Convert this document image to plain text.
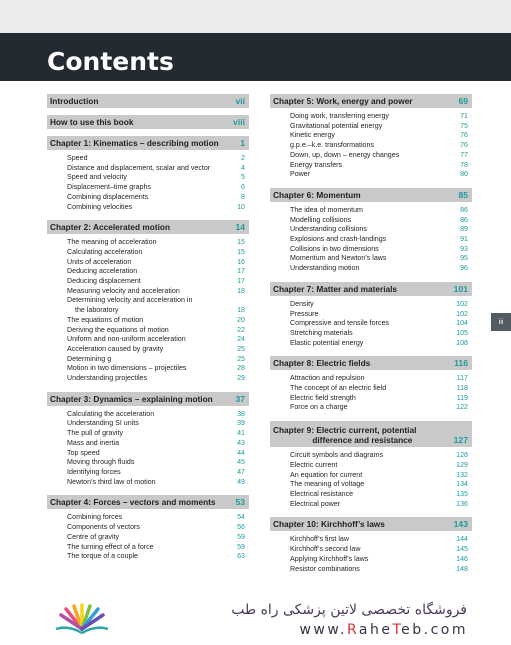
Contents
Introduction	vii
How to use this book	viii
Chapter 1: Kinematics – describing motion 1
Speed	2
Distance and displacement, scalar and vector	4
Speed and velocity	5
Displacement–time graphs	6
Combining displacements	8
Combining velocities	10
Chapter 2: Accelerated motion	14
The meaning of acceleration	15
Calculating acceleration	15
Units of acceleration	16
Deducing acceleration	17
Deducing displacement	17
Measuring velocity and acceleration	18
Determining velocity and acceleration in
the laboratory	18
The equations of motion	20
Deriving the equations of motion	22
Uniform and non-uniform acceleration	24
Acceleration caused by gravity	25
Determining g	25
Motion in two dimensions – projectiles	28
Understanding projectiles	29
Chapter 3: Dynamics – explaining motion	37
Calculating the acceleration	38
Understanding SI units	39
The pull of gravity	41
Mass and inertia	43
Top speed	44
Moving through fluids	45
Identifying forces	47
Newton’s third law of motion	49
Chapter 4: Forces – vectors and moments 53
Combining forces	54
Components of vectors	56
Centre of gravity	59
The turning effect of a force	59
The torque of a couple	63
Chapter 5: Work, energy and power	69
Doing work, transferring energy	71
Gravitational potential energy	75
Kinetic energy	76
g.p.e.–k.e. transformations	76
Down, up, down – energy changes	77
Energy transfers	78
Power	80
Chapter 6: Momentum	85
The idea of momentum	86
Modelling collisions	86
Understanding collisions	89
Explosions and crash-landings	91
Collisions in two dimensions	93
Momentum and Newton’s laws	95
Understanding motion	96
Chapter 7: Matter and materials	101
Density	102
Pressure	102
Compressive and tensile forces	104
Stretching materials	105
Elastic potential energy	108
Chapter 8: Electric fields	116
Attraction and repulsion	117
The concept of an electric field	118
Electric field strength	119
Force on a charge	122
Chapter 9: Electric current, potential
difference and resistance	127
Circuit symbols and diagrams	128
Electric current	129
An equation for current	132
The meaning of voltage	134
Electrical resistance	135
Electrical power	136
Chapter 10: Kirchhoff’s laws	143
Kirchhoff’s first law	144
Kirchhoff’s second law	145
Applying Kirchhoff’s laws	146
Resistor combinations	148
iii
فروشگاه تخصصی لاتین پزشکی راه طب
www.RaheTeb.com
